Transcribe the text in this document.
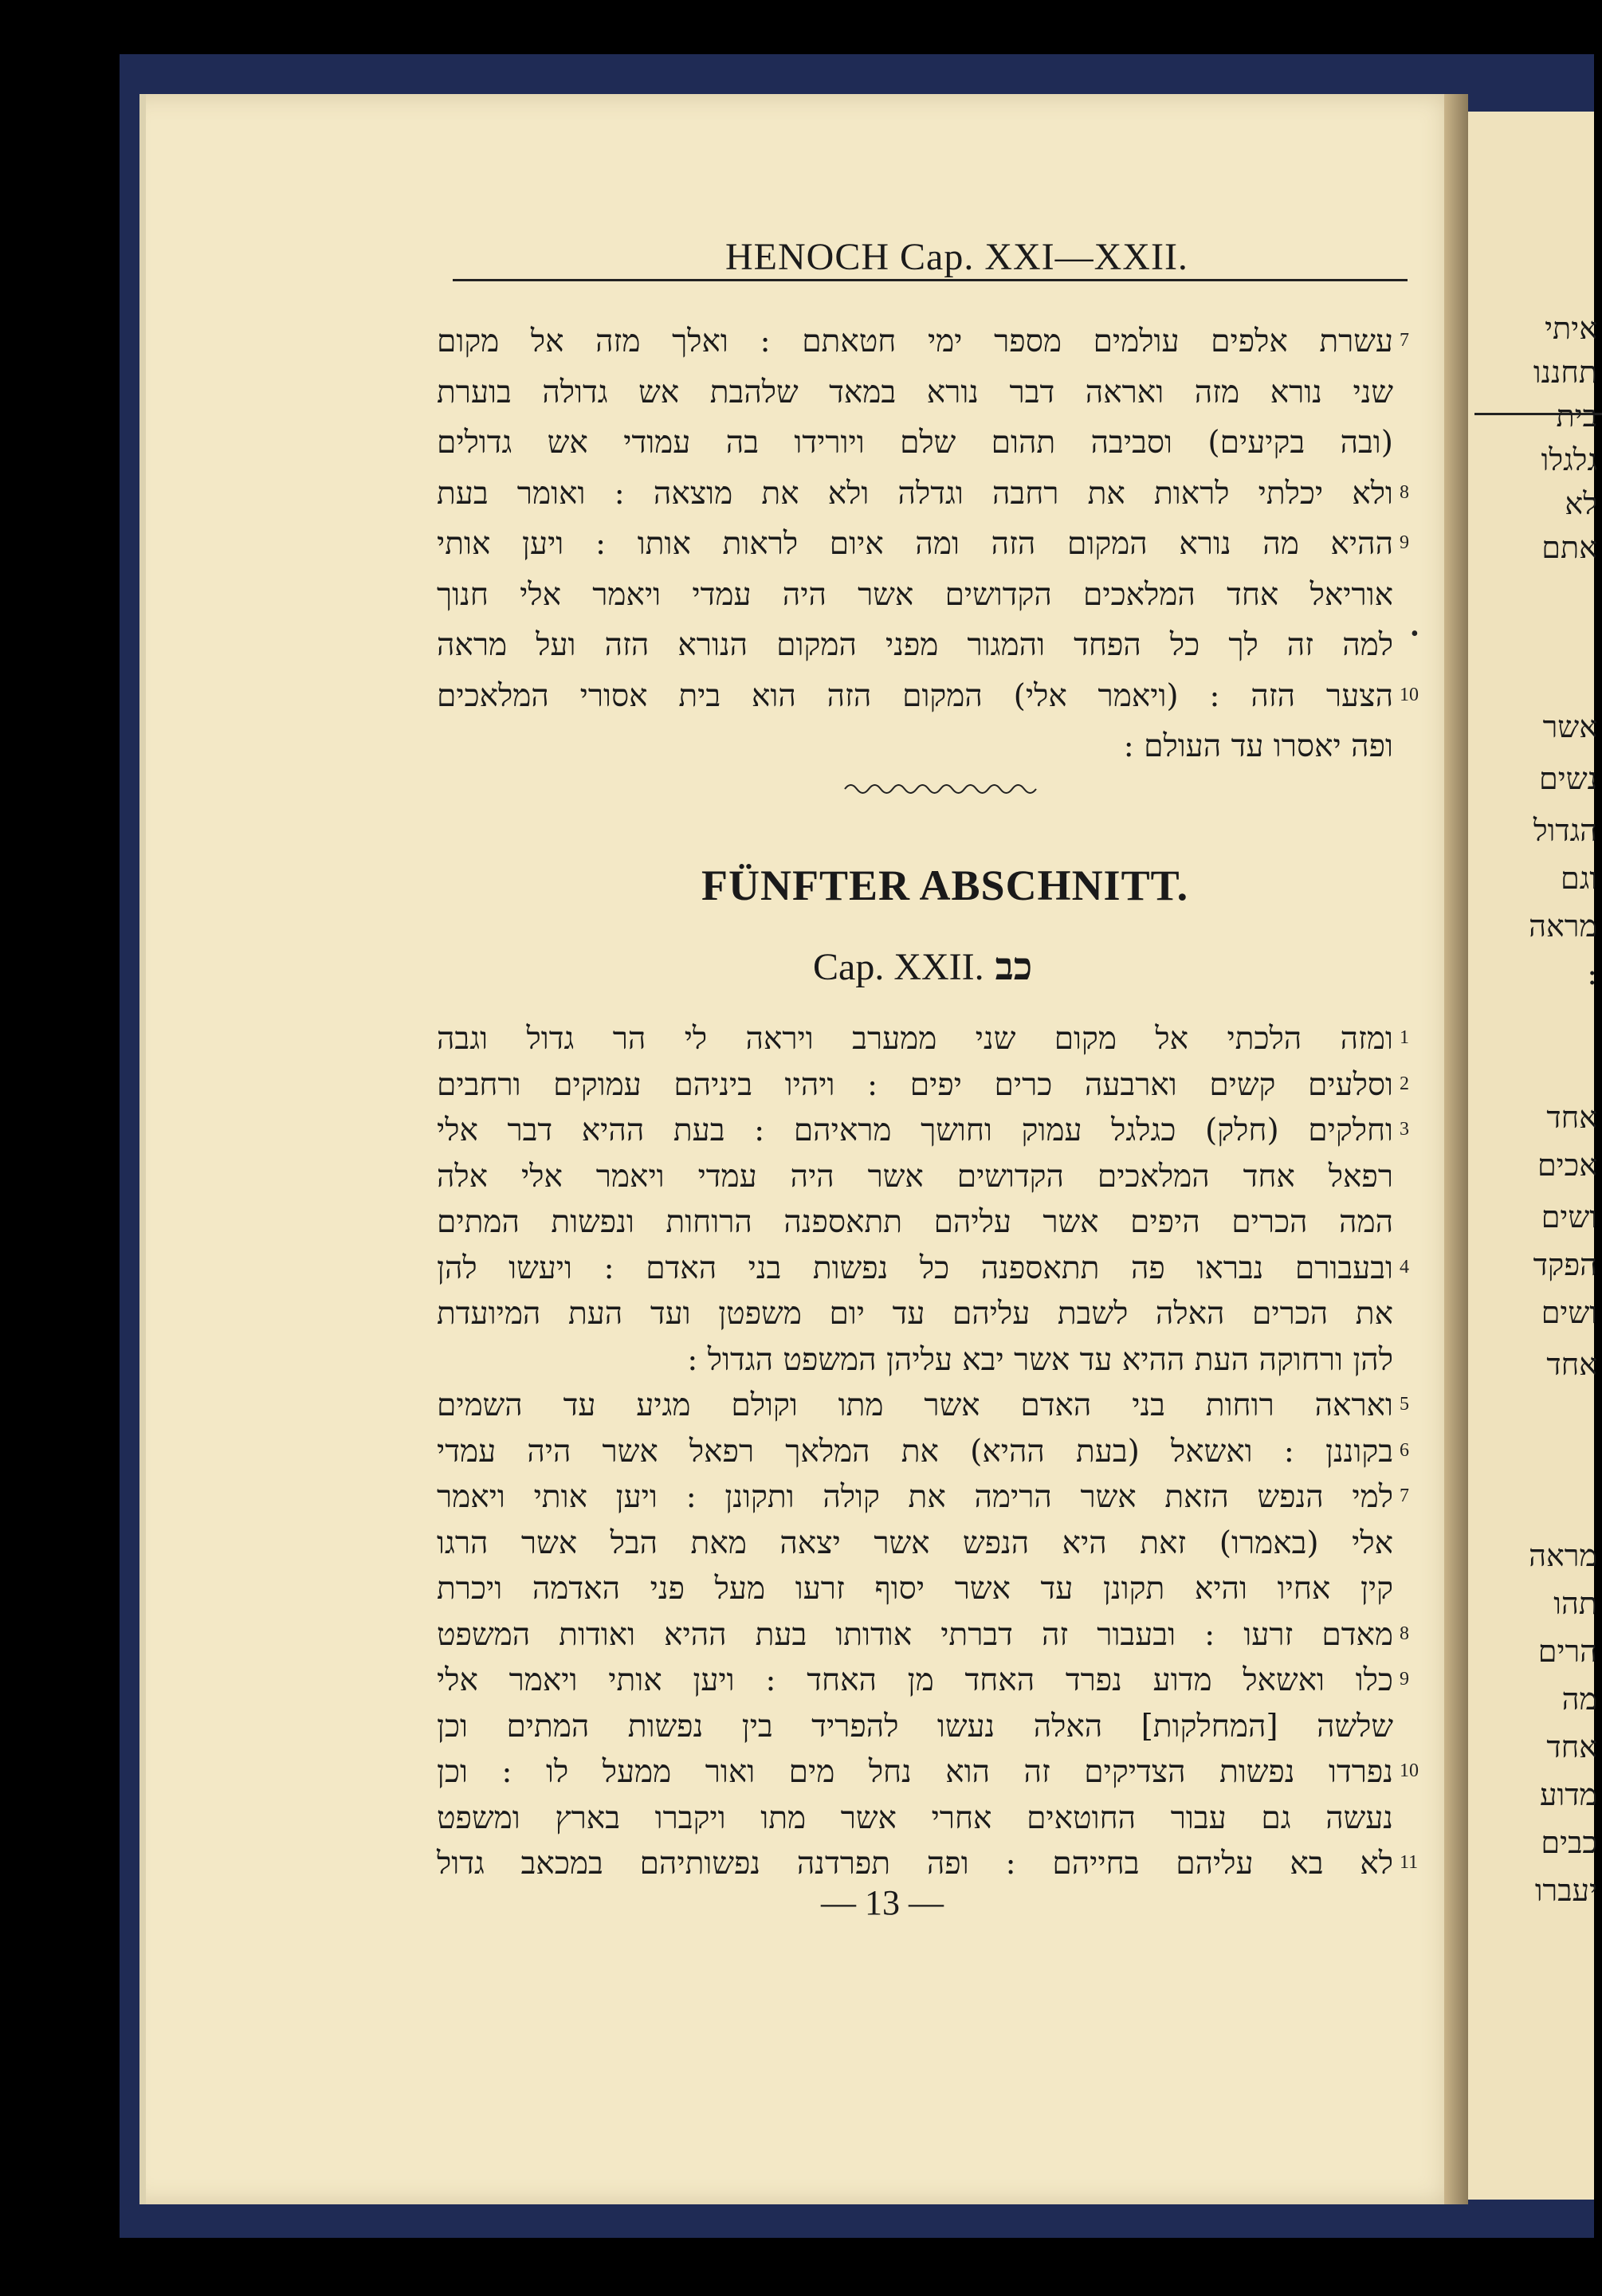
איתי
תחננו
בית
גלגלו
לא
אתם
אשר
נשים
הגדול
וגם
מראה
:
אחד
אכים
ושים
הפקד
ושים
אחד
מראה
תהו
הרים
מה
אחד
מדוע
כבים
יעברו
HENOCH Cap. XXI—XXII.
עשרת אלפים עולמים מספר ימי חטאתם : ואלך מזה אל מקום 7
שני נורא מזה ואראה דבר נורא במאד שלהבת אש גדולה בוערת
(ובה בקיעים) וסביבה תהום שלם ויורידו בה עמודי אש גדולים
ולא יכלתי לראות את רחבה וגדלה ולא את מוצאה : ואומר בעת 8
ההיא מה נורא המקום הזה ומה איום לראות אותו : ויען אותי 9
אוריאל אחד המלאכים הקדושים אשר היה עמדי ויאמר אלי חנוך
למה זה לך כל הפחד והמגור מפני המקום הנורא הזה ועל מראה
הצער הזה : (ויאמר אלי) המקום הזה הוא בית אסורי המלאכים 10
ופה יאסרו עד העולם :
•
FÜNFTER ABSCHNITT.
Cap. XXII. כב
ומזה הלכתי אל מקום שני ממערב ויראה לי הר גדול וגבה 1
וסלעים קשים וארבעה כרים יפים : ויהיו ביניהם עמוקים ורחבים 2
וחלקים (חלק) כגלגל עמוק וחושך מראיהם : בעת ההיא דבר אלי 3
רפאל אחד המלאכים הקדושים אשר היה עמדי ויאמר אלי אלה
המה הכרים היפים אשר עליהם תתאספנה הרוחות ונפשות המתים
ובעבורם נבראו פה תתאספנה כל נפשות בני האדם : ויעשו להן 4
את הכרים האלה לשבת עליהם עד יום משפטן ועד העת המיועדת
להן ורחוקה העת ההיא עד אשר יבא עליהן המשפט הגדול :
ואראה רוחות בני האדם אשר מתו וקולם מגיע עד השמים 5
בקוננן : ואשאל (בעת ההיא) את המלאך רפאל אשר היה עמדי 6
למי הנפש הזאת אשר הרימה את קולה ותקונן : ויען אותי ויאמר 7
אלי (באמרו) זאת היא הנפש אשר יצאה מאת הבל אשר הרגו
קין אחיו והיא תקונן עד אשר יסוף זרעו מעל פני האדמה ויכרת
מאדם זרעו : ובעבור זה דברתי אודותו בעת ההיא ואודות המשפט 8
כלו ואשאל מדוע נפרד האחד מן האחד : ויען אותי ויאמר אלי 9
שלשה [המחלקות] האלה נעשו להפריד בין נפשות המתים וכן
נפרדו נפשות הצדיקים זה הוא נחל מים ואור ממעל לו : וכן 10
נעשה גם עבור החוטאים אחרי אשר מתו ויקברו בארץ ומשפט
לא בא עליהם בחייהם : ופה תפרדנה נפשותיהם במכאב גדול 11
— 13 —
